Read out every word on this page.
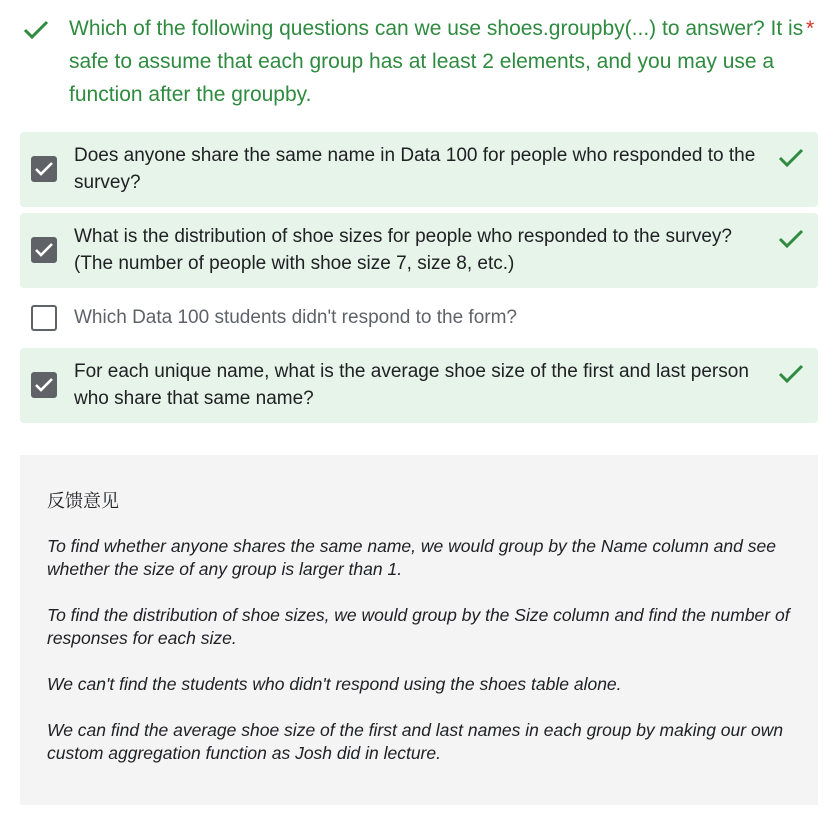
Which of the following questions can we use shoes.groupby(...) to answer? It is safe to assume that each group has at least 2 elements, and you may use a function after the groupby.
*
Does anyone share the same name in Data 100 for people who responded to the survey?
What is the distribution of shoe sizes for people who responded to the survey? (The number of people with shoe size 7, size 8, etc.)
Which Data 100 students didn't respond to the form?
For each unique name, what is the average shoe size of the first and last person who share that same name?
反馈意见
To find whether anyone shares the same name, we would group by the Name column and see whether the size of any group is larger than 1.
To find the distribution of shoe sizes, we would group by the Size column and find the number of responses for each size.
We can't find the students who didn't respond using the shoes table alone.
We can find the average shoe size of the first and last names in each group by making our own custom aggregation function as Josh did in lecture.
